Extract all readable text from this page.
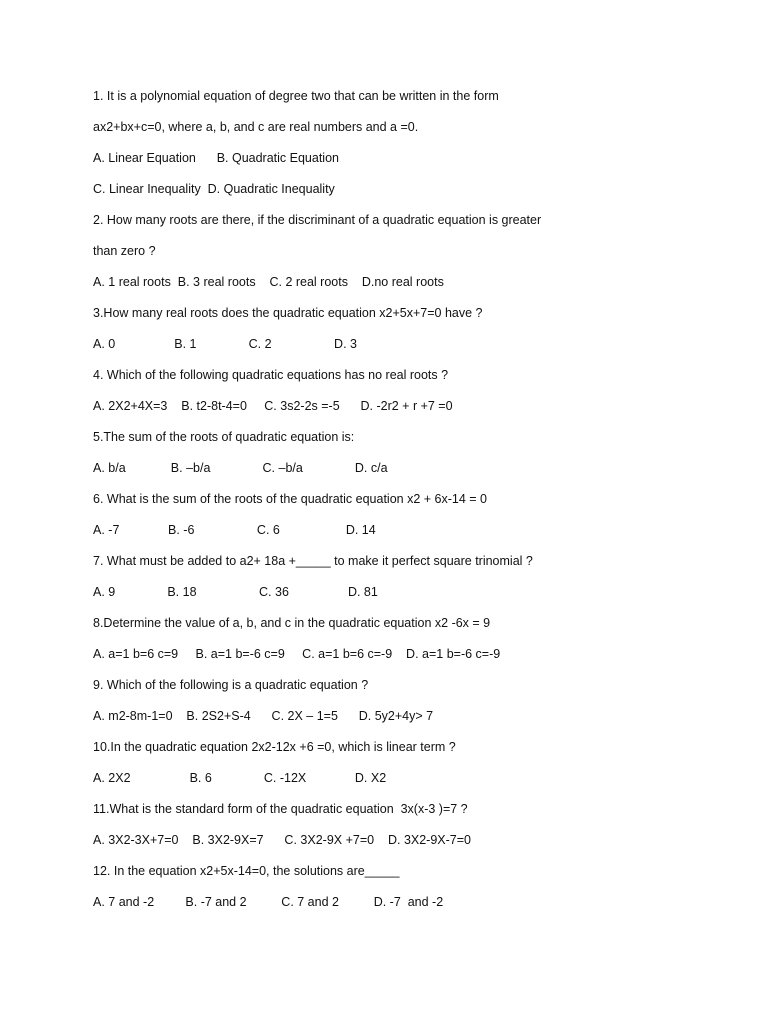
1. It is a polynomial equation of degree two that can be written in the form
ax2+bx+c=0, where a, b, and c are real numbers and a =0.
A. Linear Equation      B. Quadratic Equation
C. Linear Inequality  D. Quadratic Inequality
2. How many roots are there, if the discriminant of a quadratic equation is greater
than zero ?
A. 1 real roots  B. 3 real roots    C. 2 real roots    D.no real roots
3.How many real roots does the quadratic equation x2+5x+7=0 have ?
A. 0                 B. 1               C. 2                  D. 3
4. Which of the following quadratic equations has no real roots ?
A. 2X2+4X=3    B. t2-8t-4=0     C. 3s2-2s =-5      D. -2r2 + r +7 =0
5.The sum of the roots of quadratic equation is:
A. b/a             B. –b/a               C. –b/a               D. c/a
6. What is the sum of the roots of the quadratic equation x2 + 6x-14 = 0
A. -7              B. -6                  C. 6                   D. 14
7. What must be added to a2+ 18a +_____ to make it perfect square trinomial ?
A. 9               B. 18                  C. 36                 D. 81
8.Determine the value of a, b, and c in the quadratic equation x2 -6x = 9
A. a=1 b=6 c=9     B. a=1 b=-6 c=9     C. a=1 b=6 c=-9    D. a=1 b=-6 c=-9
9. Which of the following is a quadratic equation ?
A. m2-8m-1=0    B. 2S2+S-4      C. 2X – 1=5      D. 5y2+4y> 7
10.In the quadratic equation 2x2-12x +6 =0, which is linear term ?
A. 2X2                 B. 6               C. -12X              D. X2
11.What is the standard form of the quadratic equation  3x(x-3 )=7 ?
A. 3X2-3X+7=0    B. 3X2-9X=7      C. 3X2-9X +7=0    D. 3X2-9X-7=0
12. In the equation x2+5x-14=0, the solutions are_____
A. 7 and -2         B. -7 and 2          C. 7 and 2          D. -7  and -2
